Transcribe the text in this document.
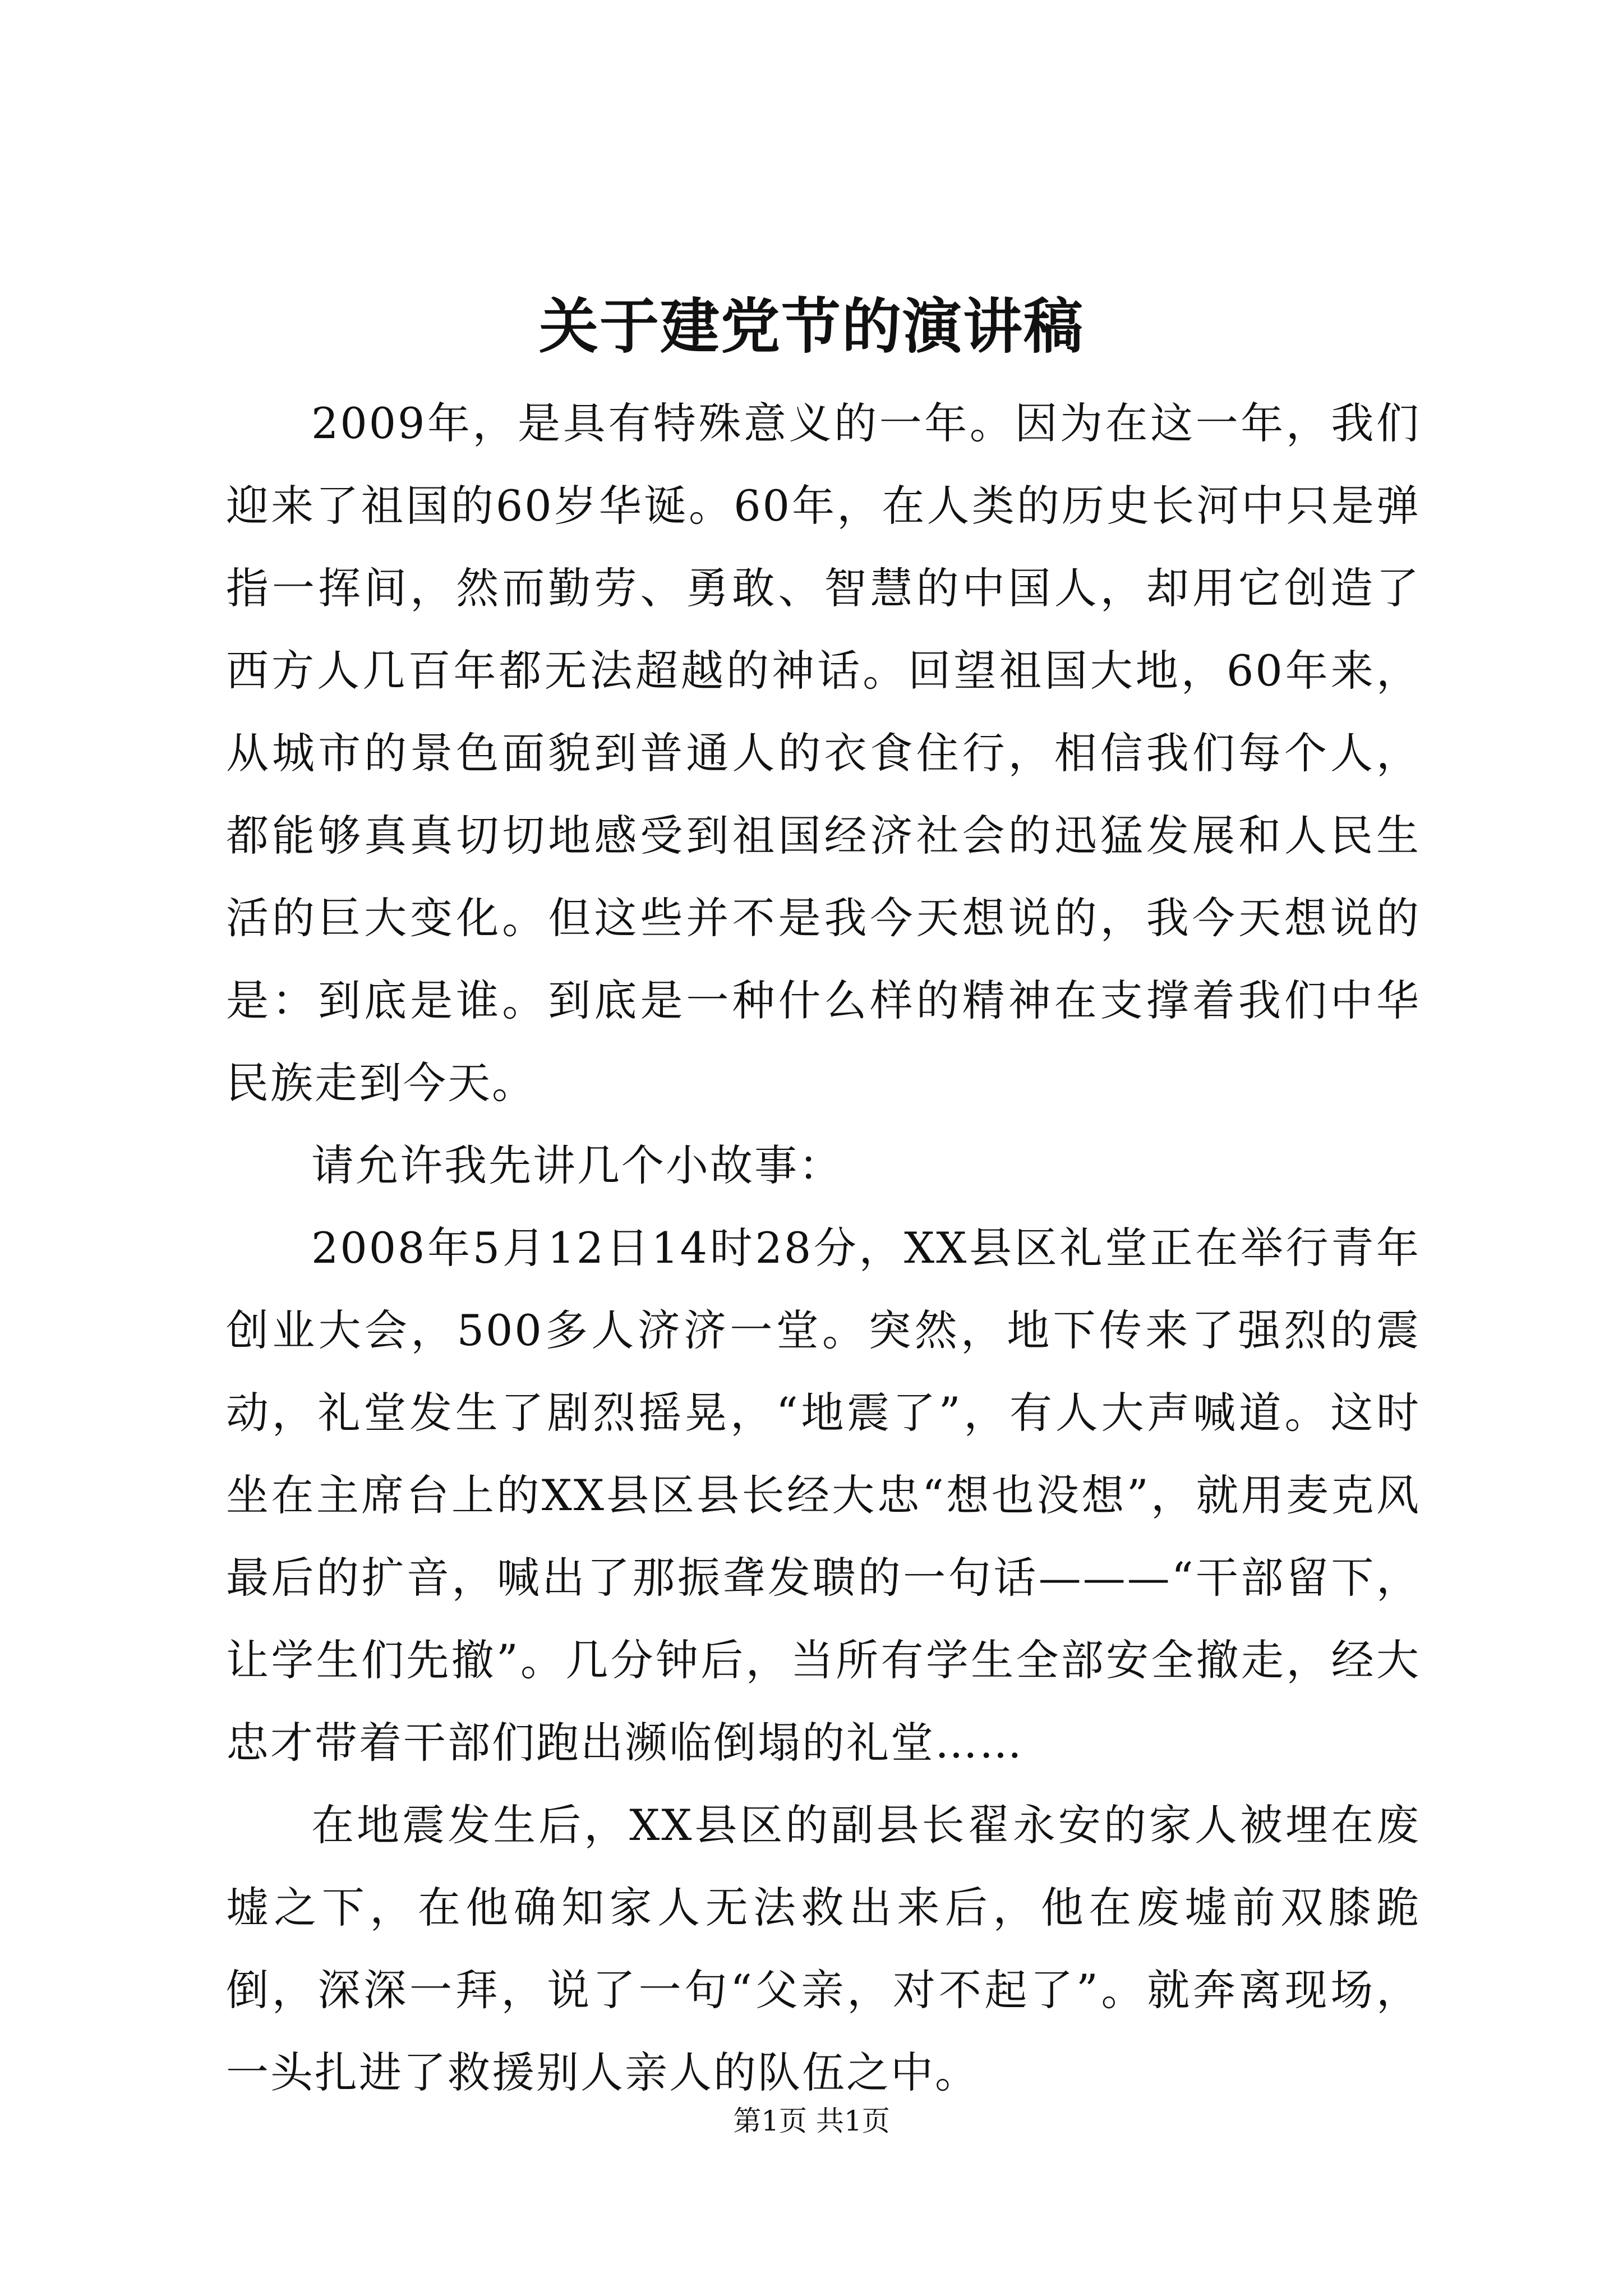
关于建党节的演讲稿

2009年，是具有特殊意义的一年。因为在这一年，我们迎来了祖国的60岁华诞。60年，在人类的历史长河中只是弹指一挥间，然而勤劳、勇敢、智慧的中国人，却用它创造了西方人几百年都无法超越的神话。回望祖国大地，60年来，从城市的景色面貌到普通人的衣食住行，相信我们每个人，都能够真真切切地感受到祖国经济社会的迅猛发展和人民生活的巨大变化。但这些并不是我今天想说的，我今天想说的是：到底是谁。到底是一种什么样的精神在支撑着我们中华民族走到今天。

请允许我先讲几个小故事：

2008年5月12日14时28分，XX县区礼堂正在举行青年创业大会，500多人济济一堂。突然，地下传来了强烈的震动，礼堂发生了剧烈摇晃，“地震了”，有人大声喊道。这时坐在主席台上的XX县区县长经大忠“想也没想”，就用麦克风最后的扩音，喊出了那振聋发聩的一句话———“干部留下，让学生们先撤”。几分钟后，当所有学生全部安全撤走，经大忠才带着干部们跑出濒临倒塌的礼堂……

在地震发生后，XX县区的副县长翟永安的家人被埋在废墟之下，在他确知家人无法救出来后，他在废墟前双膝跪倒，深深一拜，说了一句“父亲，对不起了”。就奔离现场，一头扎进了救援别人亲人的队伍之中。

第1页 共1页
